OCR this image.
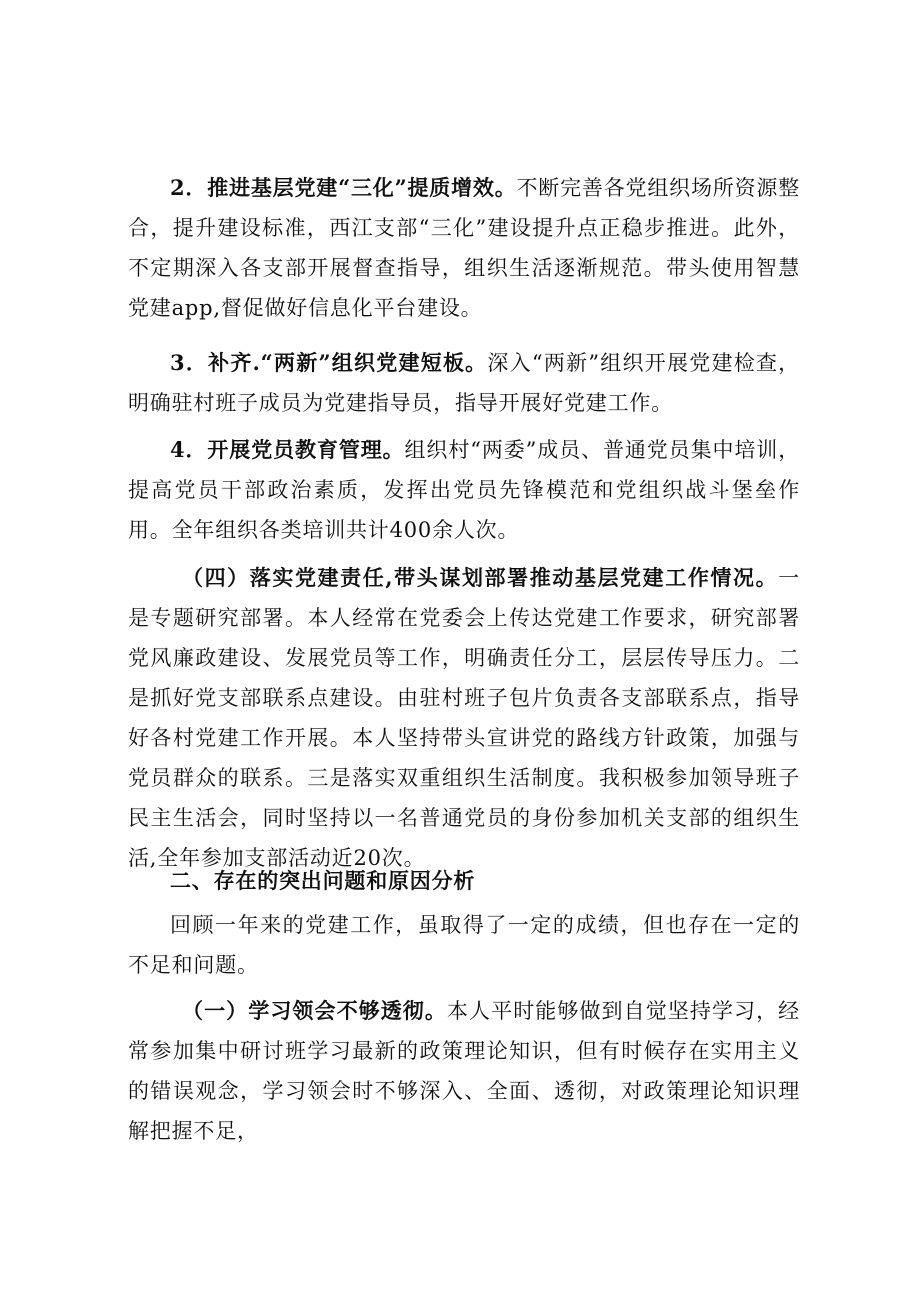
2．推进基层党建“三化”提质增效。不断完善各党组织场所资源整合，提升建设标准，西江支部“三化”建设提升点正稳步推进。此外，不定期深入各支部开展督查指导，组织生活逐渐规范。带头使用智慧党建app,督促做好信息化平台建设。

3．补齐.“两新”组织党建短板。深入“两新”组织开展党建检查，明确驻村班子成员为党建指导员，指导开展好党建工作。

4．开展党员教育管理。组织村“两委”成员、普通党员集中培训，提高党员干部政治素质，发挥出党员先锋模范和党组织战斗堡垒作用。全年组织各类培训共计400余人次。

（四）落实党建责任,带头谋划部署推动基层党建工作情况。一是专题研究部署。本人经常在党委会上传达党建工作要求，研究部署党风廉政建设、发展党员等工作，明确责任分工，层层传导压力。二是抓好党支部联系点建设。由驻村班子包片负责各支部联系点，指导好各村党建工作开展。本人坚持带头宣讲党的路线方针政策，加强与党员群众的联系。三是落实双重组织生活制度。我积极参加领导班子民主生活会，同时坚持以一名普通党员的身份参加机关支部的组织生活,全年参加支部活动近20次。

二、存在的突出问题和原因分析

回顾一年来的党建工作，虽取得了一定的成绩，但也存在一定的不足和问题。

（一）学习领会不够透彻。本人平时能够做到自觉坚持学习，经常参加集中研讨班学习最新的政策理论知识，但有时候存在实用主义的错误观念，学习领会时不够深入、全面、透彻，对政策理论知识理解把握不足，
